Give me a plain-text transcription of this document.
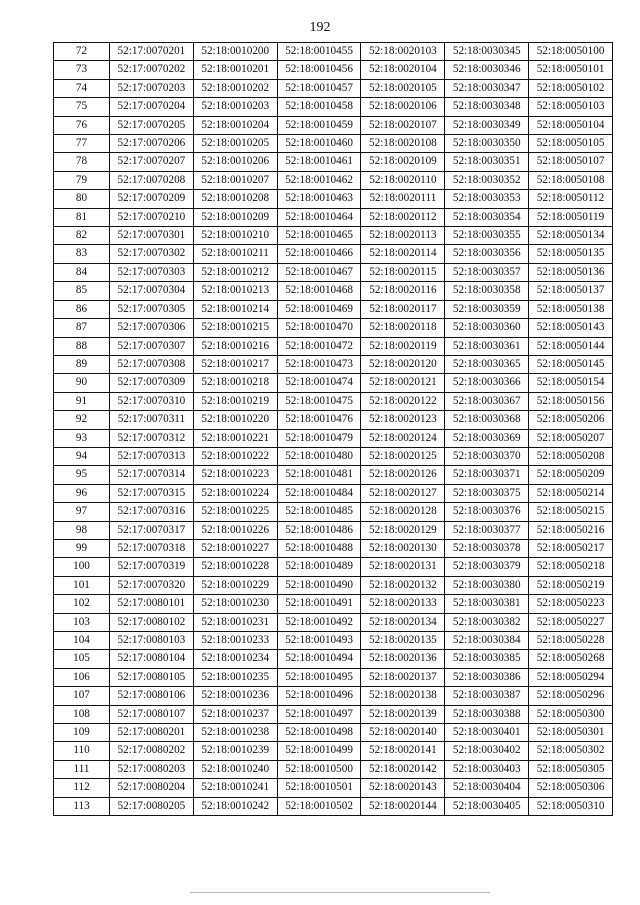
192
72	52:17:0070201	52:18:0010200	52:18:0010455	52:18:0020103	52:18:0030345	52:18:0050100
73	52:17:0070202	52:18:0010201	52:18:0010456	52:18:0020104	52:18:0030346	52:18:0050101
74	52:17:0070203	52:18:0010202	52:18:0010457	52:18:0020105	52:18:0030347	52:18:0050102
75	52:17:0070204	52:18:0010203	52:18:0010458	52:18:0020106	52:18:0030348	52:18:0050103
76	52:17:0070205	52:18:0010204	52:18:0010459	52:18:0020107	52:18:0030349	52:18:0050104
77	52:17:0070206	52:18:0010205	52:18:0010460	52:18:0020108	52:18:0030350	52:18:0050105
78	52:17:0070207	52:18:0010206	52:18:0010461	52:18:0020109	52:18:0030351	52:18:0050107
79	52:17:0070208	52:18:0010207	52:18:0010462	52:18:0020110	52:18:0030352	52:18:0050108
80	52:17:0070209	52:18:0010208	52:18:0010463	52:18:0020111	52:18:0030353	52:18:0050112
81	52:17:0070210	52:18:0010209	52:18:0010464	52:18:0020112	52:18:0030354	52:18:0050119
82	52:17:0070301	52:18:0010210	52:18:0010465	52:18:0020113	52:18:0030355	52:18:0050134
83	52:17:0070302	52:18:0010211	52:18:0010466	52:18:0020114	52:18:0030356	52:18:0050135
84	52:17:0070303	52:18:0010212	52:18:0010467	52:18:0020115	52:18:0030357	52:18:0050136
85	52:17:0070304	52:18:0010213	52:18:0010468	52:18:0020116	52:18:0030358	52:18:0050137
86	52:17:0070305	52:18:0010214	52:18:0010469	52:18:0020117	52:18:0030359	52:18:0050138
87	52:17:0070306	52:18:0010215	52:18:0010470	52:18:0020118	52:18:0030360	52:18:0050143
88	52:17:0070307	52:18:0010216	52:18:0010472	52:18:0020119	52:18:0030361	52:18:0050144
89	52:17:0070308	52:18:0010217	52:18:0010473	52:18:0020120	52:18:0030365	52:18:0050145
90	52:17:0070309	52:18:0010218	52:18:0010474	52:18:0020121	52:18:0030366	52:18:0050154
91	52:17:0070310	52:18:0010219	52:18:0010475	52:18:0020122	52:18:0030367	52:18:0050156
92	52:17:0070311	52:18:0010220	52:18:0010476	52:18:0020123	52:18:0030368	52:18:0050206
93	52:17:0070312	52:18:0010221	52:18:0010479	52:18:0020124	52:18:0030369	52:18:0050207
94	52:17:0070313	52:18:0010222	52:18:0010480	52:18:0020125	52:18:0030370	52:18:0050208
95	52:17:0070314	52:18:0010223	52:18:0010481	52:18:0020126	52:18:0030371	52:18:0050209
96	52:17:0070315	52:18:0010224	52:18:0010484	52:18:0020127	52:18:0030375	52:18:0050214
97	52:17:0070316	52:18:0010225	52:18:0010485	52:18:0020128	52:18:0030376	52:18:0050215
98	52:17:0070317	52:18:0010226	52:18:0010486	52:18:0020129	52:18:0030377	52:18:0050216
99	52:17:0070318	52:18:0010227	52:18:0010488	52:18:0020130	52:18:0030378	52:18:0050217
100	52:17:0070319	52:18:0010228	52:18:0010489	52:18:0020131	52:18:0030379	52:18:0050218
101	52:17:0070320	52:18:0010229	52:18:0010490	52:18:0020132	52:18:0030380	52:18:0050219
102	52:17:0080101	52:18:0010230	52:18:0010491	52:18:0020133	52:18:0030381	52:18:0050223
103	52:17:0080102	52:18:0010231	52:18:0010492	52:18:0020134	52:18:0030382	52:18:0050227
104	52:17:0080103	52:18:0010233	52:18:0010493	52:18:0020135	52:18:0030384	52:18:0050228
105	52:17:0080104	52:18:0010234	52:18:0010494	52:18:0020136	52:18:0030385	52:18:0050268
106	52:17:0080105	52:18:0010235	52:18:0010495	52:18:0020137	52:18:0030386	52:18:0050294
107	52:17:0080106	52:18:0010236	52:18:0010496	52:18:0020138	52:18:0030387	52:18:0050296
108	52:17:0080107	52:18:0010237	52:18:0010497	52:18:0020139	52:18:0030388	52:18:0050300
109	52:17:0080201	52:18:0010238	52:18:0010498	52:18:0020140	52:18:0030401	52:18:0050301
110	52:17:0080202	52:18:0010239	52:18:0010499	52:18:0020141	52:18:0030402	52:18:0050302
111	52:17:0080203	52:18:0010240	52:18:0010500	52:18:0020142	52:18:0030403	52:18:0050305
112	52:17:0080204	52:18:0010241	52:18:0010501	52:18:0020143	52:18:0030404	52:18:0050306
113	52:17:0080205	52:18:0010242	52:18:0010502	52:18:0020144	52:18:0030405	52:18:0050310
